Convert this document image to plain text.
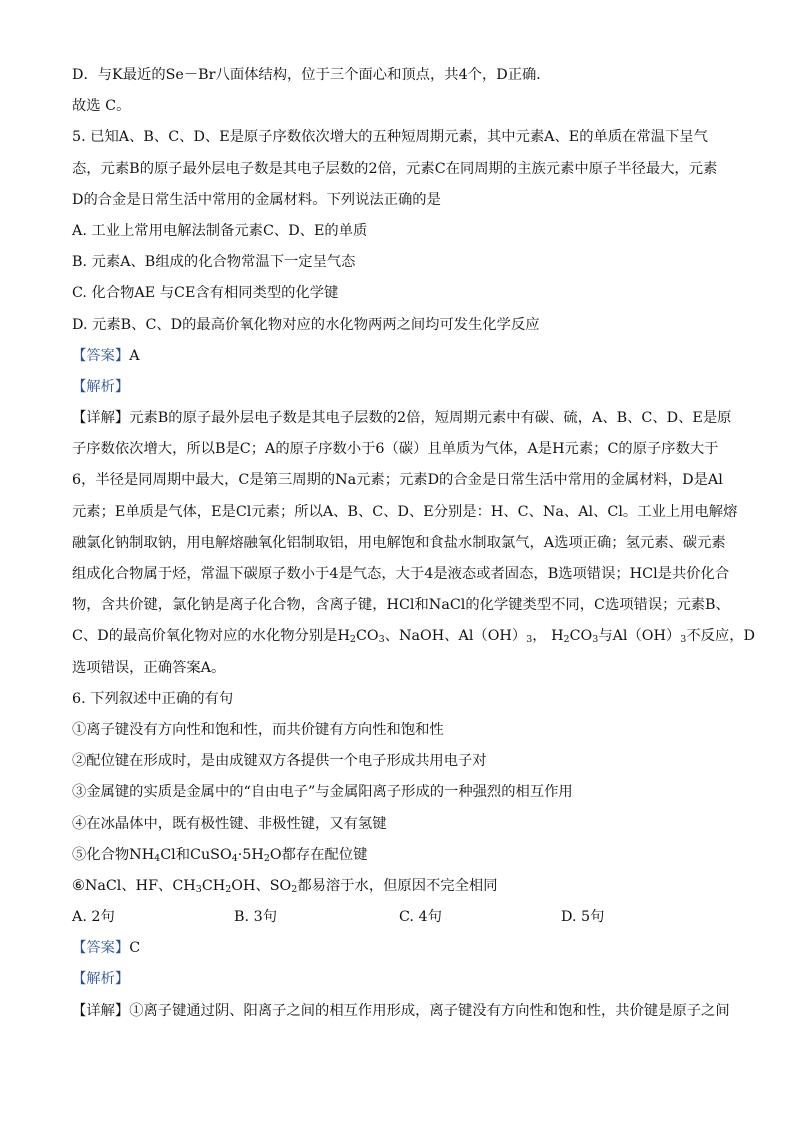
D．与K最近的Se－Br八面体结构，位于三个面心和顶点，共4个，D正确．
故选 C。
5. 已知A、B、C、D、E是原子序数依次增大的五种短周期元素，其中元素A、E的单质在常温下呈气
态，元素B的原子最外层电子数是其电子层数的2倍，元素C在同周期的主族元素中原子半径最大，元素
D的合金是日常生活中常用的金属材料。下列说法正确的是
A. 工业上常用电解法制备元素C、D、E的单质
B. 元素A、B组成的化合物常温下一定呈气态
C. 化合物AE 与CE含有相同类型的化学键
D. 元素B、C、D的最高价氧化物对应的水化物两两之间均可发生化学反应
【答案】A
【解析】
【详解】元素B的原子最外层电子数是其电子层数的2倍，短周期元素中有碳、硫，A、B、C、D、E是原
子序数依次增大，所以B是C；A的原子序数小于6（碳）且单质为气体，A是H元素；C的原子序数大于
6，半径是同周期中最大，C是第三周期的Na元素；元素D的合金是日常生活中常用的金属材料，D是Al
元素；E单质是气体，E是Cl元素；所以A、B、C、D、E分别是：H、C、Na、Al、Cl。工业上用电解熔
融氯化钠制取钠，用电解熔融氧化铝制取铝，用电解饱和食盐水制取氯气，A选项正确；氢元素、碳元素
组成化合物属于烃，常温下碳原子数小于4是气态，大于4是液态或者固态，B选项错误；HCl是共价化合
物，含共价键，氯化钠是离子化合物，含离子键，HCl和NaCl的化学键类型不同，C选项错误；元素B、
C、D的最高价氧化物对应的水化物分别是$H_2CO_3$、NaOH、$Al(OH)_3$， $H_2CO_3$与$Al(OH)_3$不反应，D
选项错误，正确答案A。
6. 下列叙述中正确的有句
①离子键没有方向性和饱和性，而共价键有方向性和饱和性
②配位键在形成时，是由成键双方各提供一个电子形成共用电子对
③金属键的实质是金属中的“自由电子”与金属阳离子形成的一种强烈的相互作用
④在冰晶体中，既有极性键、非极性键，又有氢键
⑤化合物$NH_4Cl$和$CuSO_4\cdot 5H_2O$都存在配位键
⑥NaCl、HF、$CH_3CH_2OH$、$SO_2$都易溶于水，但原因不完全相同
A. 2句	B. 3句	C. 4句	D. 5句
【答案】C
【解析】
【详解】①离子键通过阴、阳离子之间的相互作用形成，离子键没有方向性和饱和性，共价键是原子之间
